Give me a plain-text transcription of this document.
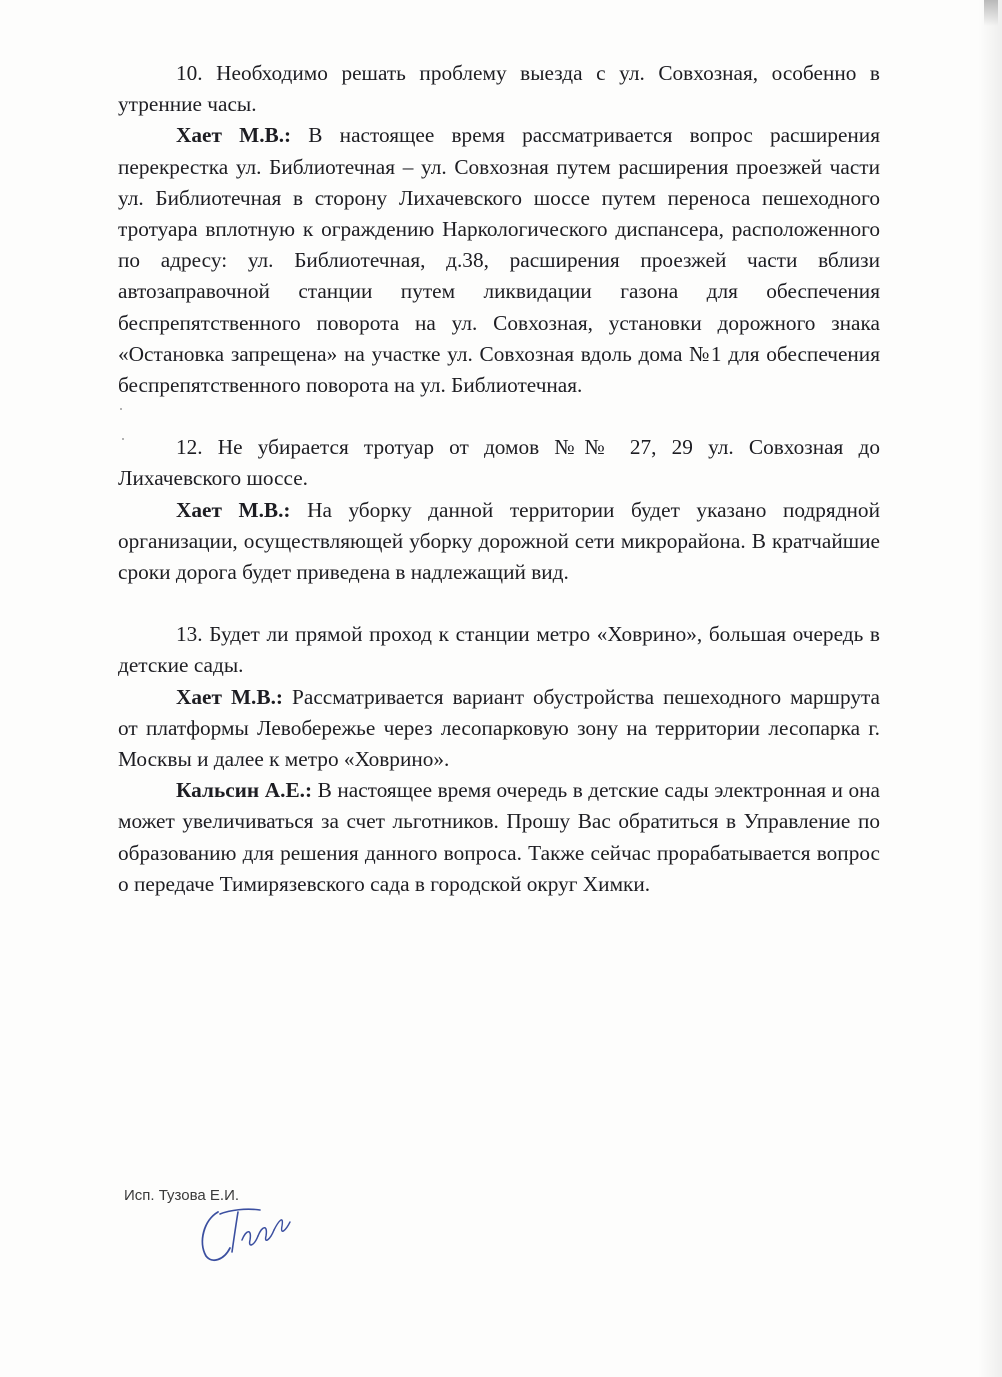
10. Необходимо решать проблему выезда с ул. Совхозная, особенно в утренние часы.

Хает М.В.: В настоящее время рассматривается вопрос расширения перекрестка ул. Библиотечная – ул. Совхозная путем расширения проезжей части ул. Библиотечная в сторону Лихачевского шоссе путем переноса пешеходного тротуара вплотную к ограждению Наркологического диспансера, расположенного по адресу: ул. Библиотечная, д.38, расширения проезжей части вблизи автозаправочной станции путем ликвидации газона для обеспечения беспрепятственного поворота на ул. Совхозная, установки дорожного знака «Остановка запрещена» на участке ул. Совхозная вдоль дома №1 для обеспечения беспрепятственного поворота на ул. Библиотечная.

12. Не убирается тротуар от домов №№ 27, 29 ул. Совхозная до Лихачевского шоссе.

Хает М.В.: На уборку данной территории будет указано подрядной организации, осуществляющей уборку дорожной сети микрорайона. В кратчайшие сроки дорога будет приведена в надлежащий вид.

13. Будет ли прямой проход к станции метро «Ховрино», большая очередь в детские сады.

Хает М.В.: Рассматривается вариант обустройства пешеходного маршрута от платформы Левобережье через лесопарковую зону на территории лесопарка г. Москвы и далее к метро «Ховрино».

Кальсин А.Е.: В настоящее время очередь в детские сады электронная и она может увеличиваться за счет льготников. Прошу Вас обратиться в Управление по образованию для решения данного вопроса. Также сейчас прорабатывается вопрос о передаче Тимирязевского сада в городской округ Химки.

Исп. Тузова Е.И.
